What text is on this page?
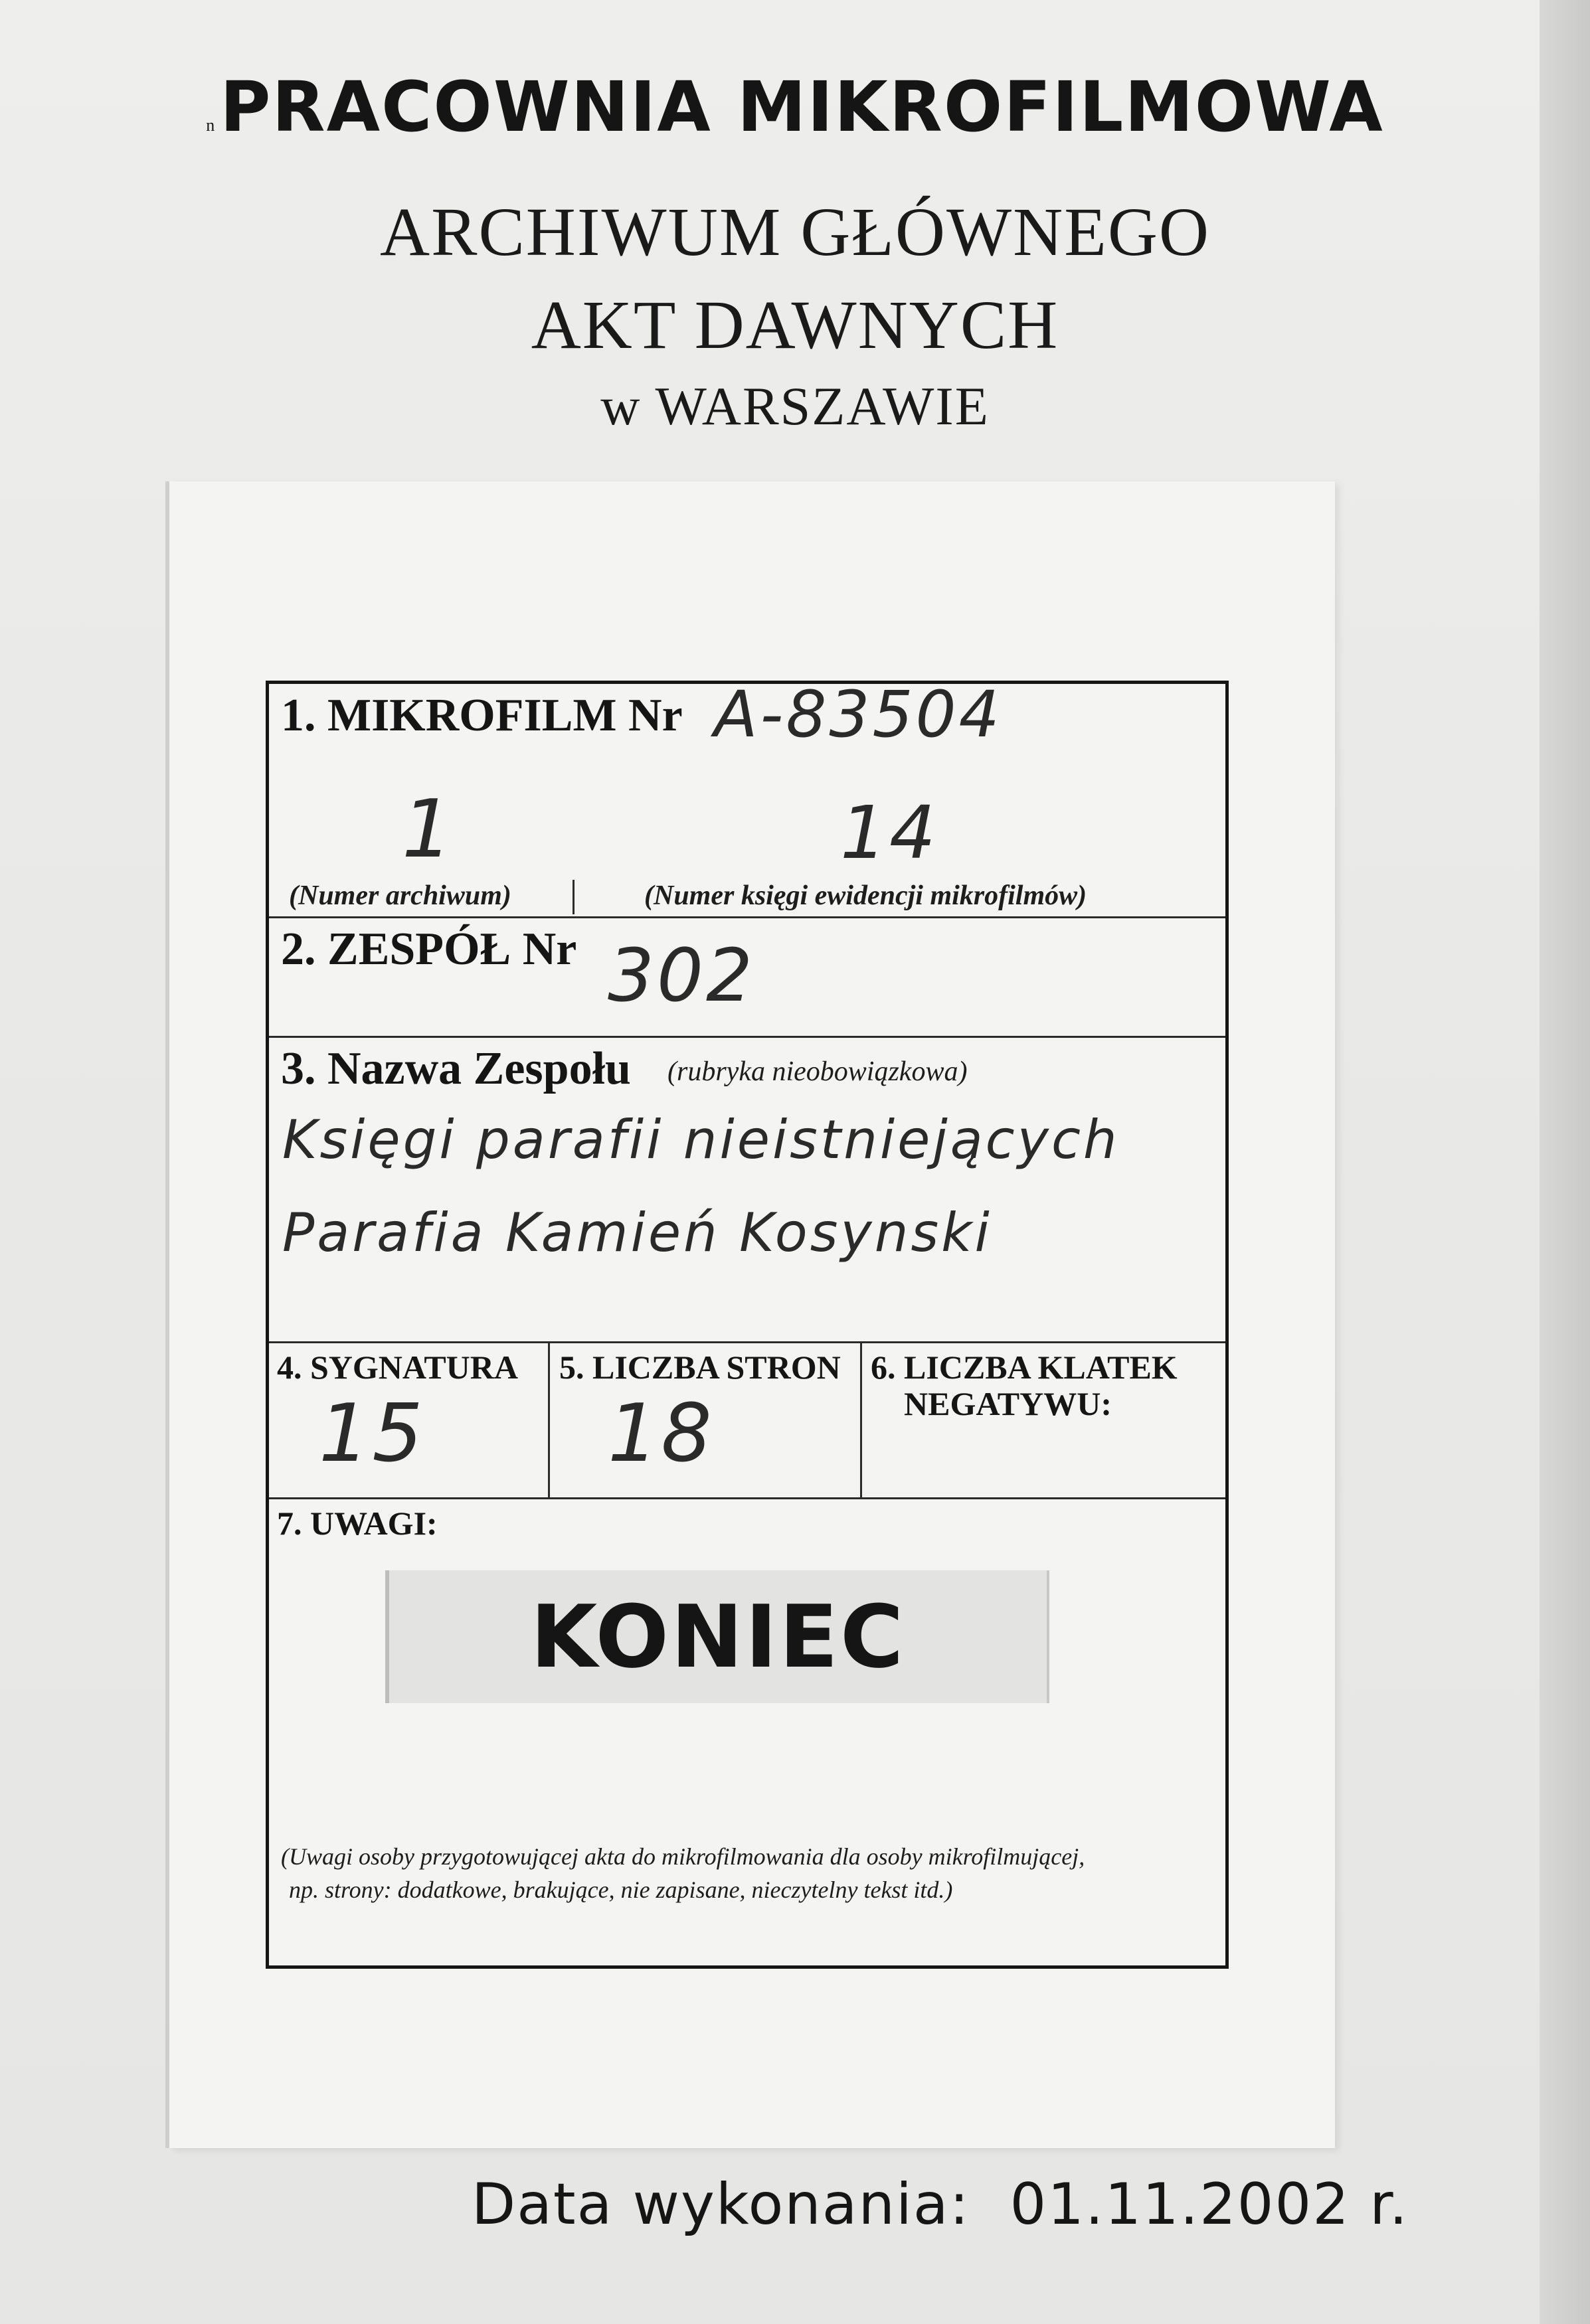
nPRACOWNIA MIKROFILMOWA
ARCHIWUM GŁÓWNEGO
AKT DAWNYCH
w WARSZAWIE
1. MIKROFILM Nr A-83504
1	14
(Numer archiwum)	(Numer księgi ewidencji mikrofilmów)
2. ZESPÓŁ Nr 302
3. Nazwa Zespołu (rubryka nieobowiązkowa)
Księgi parafii nieistniejących
Parafia Kamień Kosynski
4. SYGNATURA
15
5. LICZBA STRON
18
6. LICZBA KLATEK
NEGATYWU:
7. UWAGI:
(Uwagi osoby przygotowującej akta do mikrofilmowania dla osoby mikrofilmującej,
np. strony: dodatkowe, brakujące, nie zapisane, nieczytelny tekst itd.)
KONIEC
Data wykonania: 01.11.2002 r.
